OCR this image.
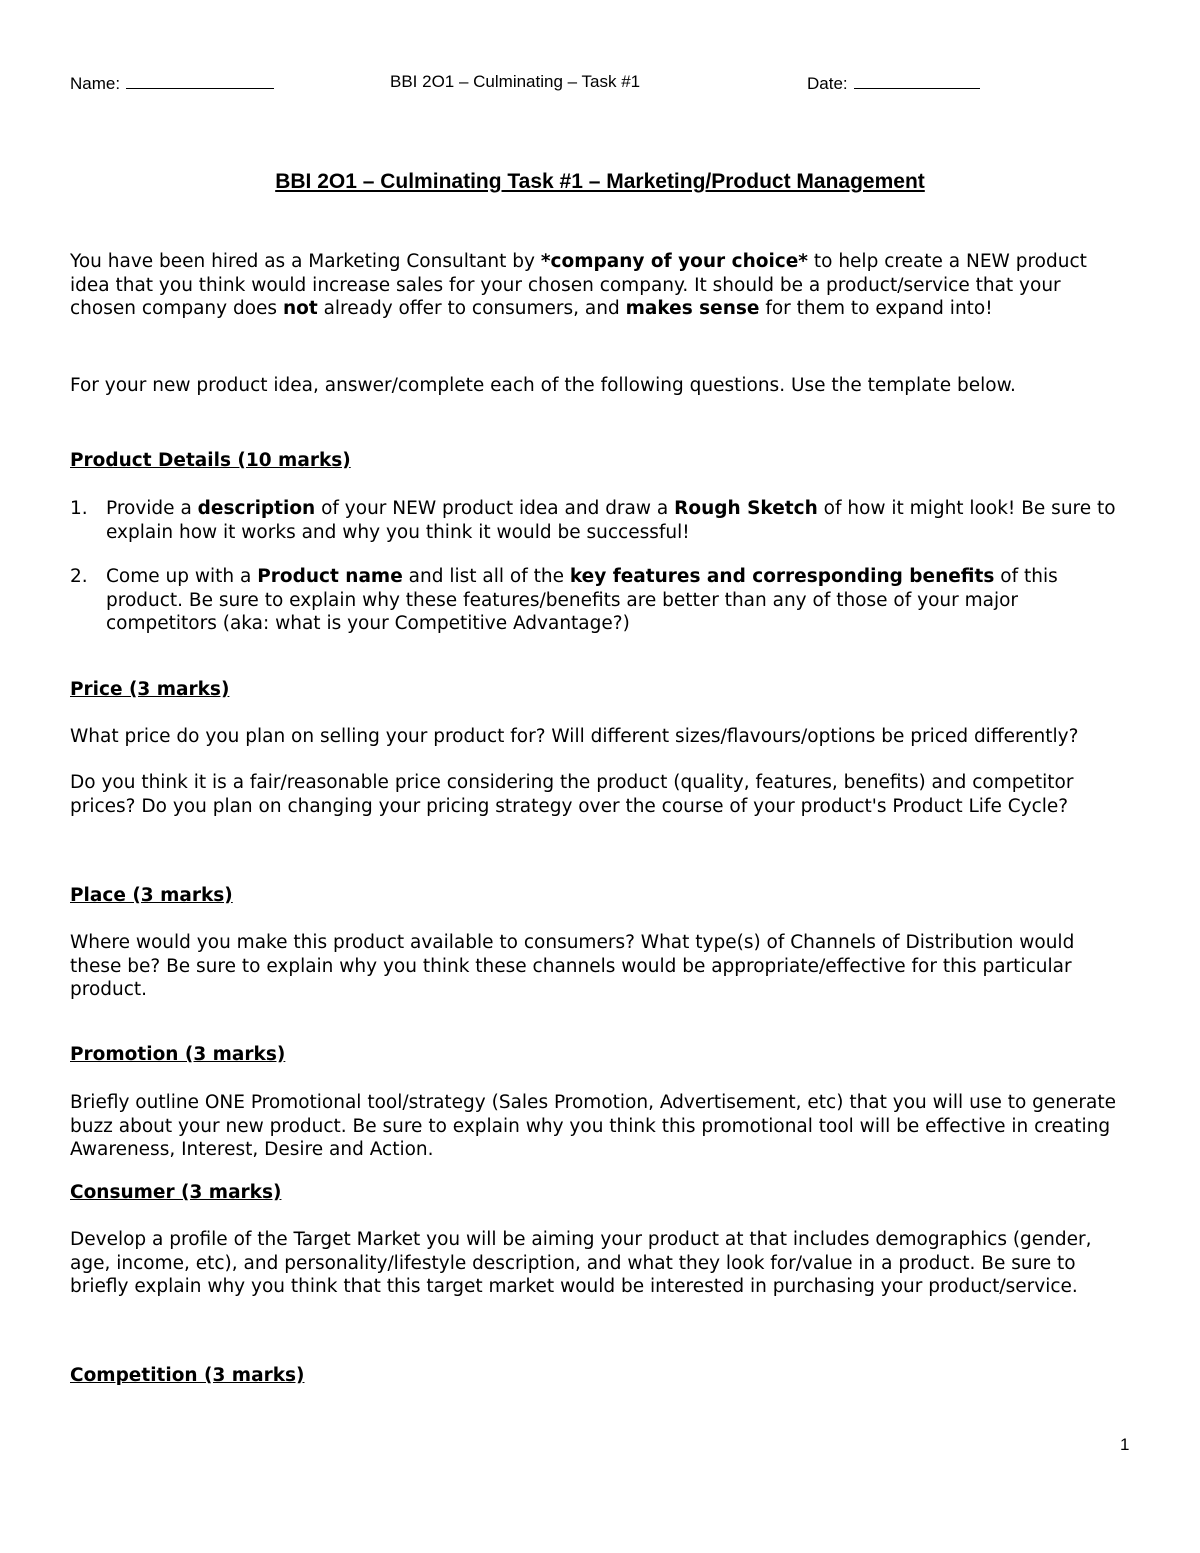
Name:	BBI 2O1 – Culminating – Task #1	Date:
BBI 2O1 – Culminating Task #1 – Marketing/Product Management

You have been hired as a Marketing Consultant by *company of your choice* to help create a NEW product idea that you think would increase sales for your chosen company. It should be a product/service that your chosen company does not already offer to consumers, and makes sense for them to expand into!

For your new product idea, answer/complete each of the following questions. Use the template below.

Product Details (10 marks)

1. Provide a description of your NEW product idea and draw a Rough Sketch of how it might look! Be sure to explain how it works and why you think it would be successful!
2. Come up with a Product name and list all of the key features and corresponding benefits of this product. Be sure to explain why these features/benefits are better than any of those of your major competitors (aka: what is your Competitive Advantage?)

Price (3 marks)

What price do you plan on selling your product for? Will different sizes/flavours/options be priced differently?

Do you think it is a fair/reasonable price considering the product (quality, features, benefits) and competitor prices? Do you plan on changing your pricing strategy over the course of your product's Product Life Cycle?

Place (3 marks)

Where would you make this product available to consumers? What type(s) of Channels of Distribution would these be? Be sure to explain why you think these channels would be appropriate/effective for this particular product.

Promotion (3 marks)

Briefly outline ONE Promotional tool/strategy (Sales Promotion, Advertisement, etc) that you will use to generate buzz about your new product. Be sure to explain why you think this promotional tool will be effective in creating Awareness, Interest, Desire and Action.

Consumer (3 marks)

Develop a profile of the Target Market you will be aiming your product at that includes demographics (gender, age, income, etc), and personality/lifestyle description, and what they look for/value in a product. Be sure to briefly explain why you think that this target market would be interested in purchasing your product/service.

Competition (3 marks)

1
